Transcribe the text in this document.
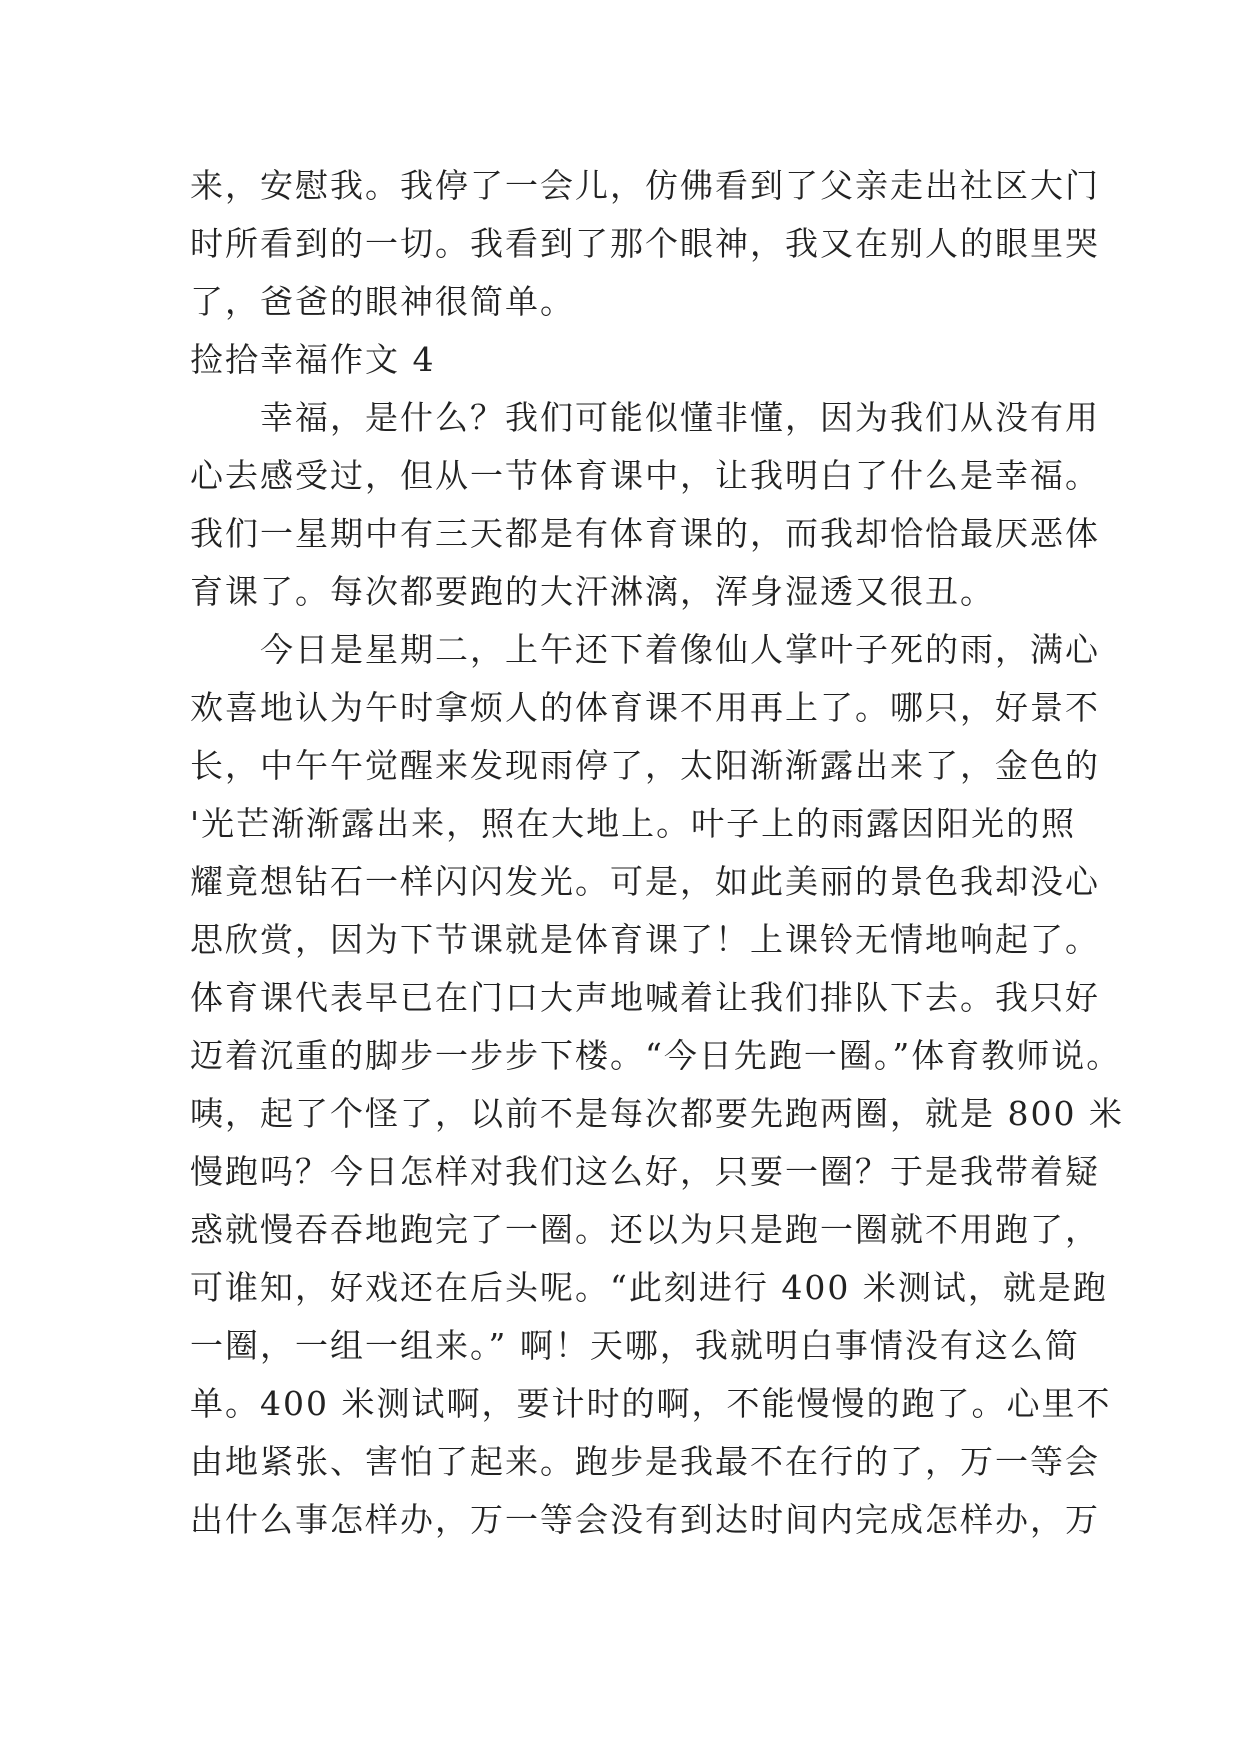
来，安慰我。我停了一会儿，仿佛看到了父亲走出社区大门
时所看到的一切。我看到了那个眼神，我又在别人的眼里哭
了，爸爸的眼神很简单。
捡拾幸福作文 4
幸福，是什么？我们可能似懂非懂，因为我们从没有用
心去感受过，但从一节体育课中，让我明白了什么是幸福。
我们一星期中有三天都是有体育课的，而我却恰恰最厌恶体
育课了。每次都要跑的大汗淋漓，浑身湿透又很丑。
今日是星期二，上午还下着像仙人掌叶子死的雨，满心
欢喜地认为午时拿烦人的体育课不用再上了。哪只，好景不
长，中午午觉醒来发现雨停了，太阳渐渐露出来了，金色的
'光芒渐渐露出来，照在大地上。叶子上的雨露因阳光的照
耀竟想钻石一样闪闪发光。可是，如此美丽的景色我却没心
思欣赏，因为下节课就是体育课了！上课铃无情地响起了。
体育课代表早已在门口大声地喊着让我们排队下去。我只好
迈着沉重的脚步一步步下楼。“今日先跑一圈。”体育教师说。
咦，起了个怪了，以前不是每次都要先跑两圈，就是 800 米
慢跑吗？今日怎样对我们这么好，只要一圈？于是我带着疑
惑就慢吞吞地跑完了一圈。还以为只是跑一圈就不用跑了，
可谁知，好戏还在后头呢。“此刻进行 400 米测试，就是跑
一圈，一组一组来。” 啊！天哪，我就明白事情没有这么简
单。400 米测试啊，要计时的啊，不能慢慢的跑了。心里不
由地紧张、害怕了起来。跑步是我最不在行的了，万一等会
出什么事怎样办，万一等会没有到达时间内完成怎样办，万
